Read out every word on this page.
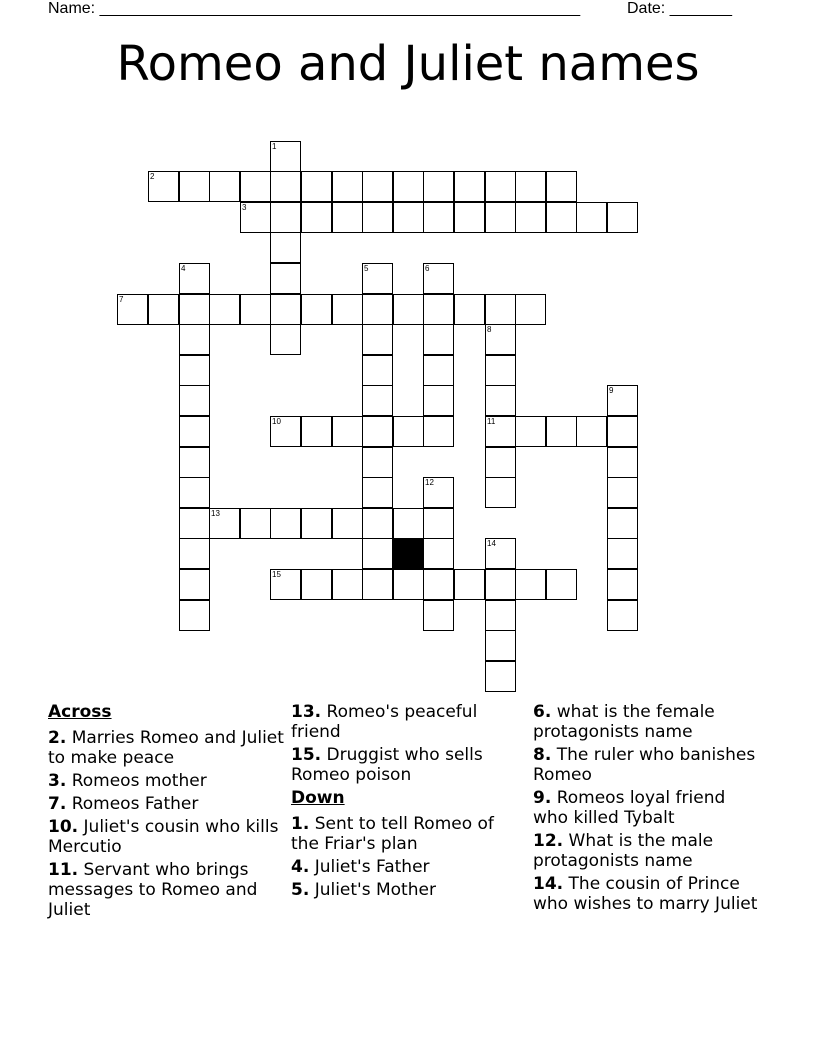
Name: ______________________________________________________	Date: _______
Romeo and Juliet names
7
1
2
3
4	5	6
8
11
10
9
12
13
14
15
Across
2. Marries Romeo and Juliet to make peace
3. Romeos mother
7. Romeos Father
10. Juliet's cousin who kills Mercutio
11. Servant who brings messages to Romeo and Juliet
13. Romeo's peaceful friend
15. Druggist who sells Romeo poison
Down
1. Sent to tell Romeo of the Friar's plan
4. Juliet's Father
5. Juliet's Mother
6. what is the female protagonists name
8. The ruler who banishes Romeo
9. Romeos loyal friend who killed Tybalt
12. What is the male protagonists name
14. The cousin of Prince who wishes to marry Juliet
